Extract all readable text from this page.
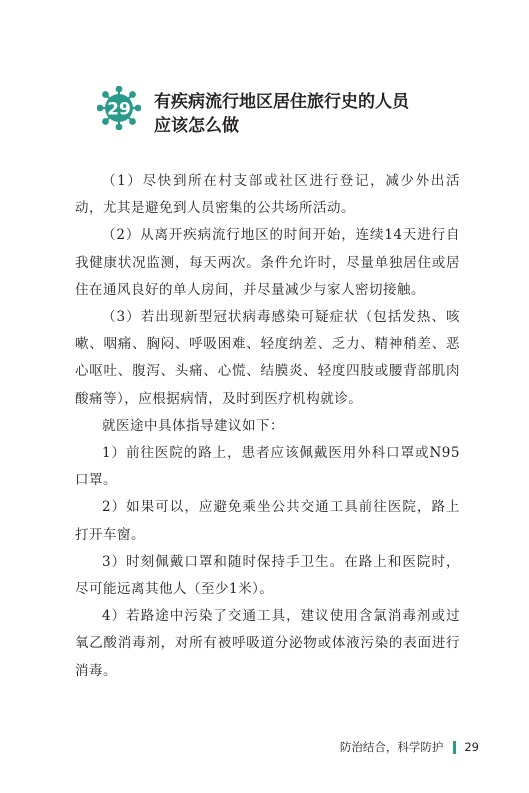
29 有疾病流行地区居住旅行史的人员
应该怎么做

（1）尽快到所在村支部或社区进行登记，减少外出活动，尤其是避免到人员密集的公共场所活动。

（2）从离开疾病流行地区的时间开始，连续14天进行自我健康状况监测，每天两次。条件允许时，尽量单独居住或居住在通风良好的单人房间，并尽量减少与家人密切接触。

（3）若出现新型冠状病毒感染可疑症状（包括发热、咳嗽、咽痛、胸闷、呼吸困难、轻度纳差、乏力、精神稍差、恶心呕吐、腹泻、头痛、心慌、结膜炎、轻度四肢或腰背部肌肉酸痛等），应根据病情，及时到医疗机构就诊。

就医途中具体指导建议如下：

1）前往医院的路上，患者应该佩戴医用外科口罩或N95口罩。

2）如果可以，应避免乘坐公共交通工具前往医院，路上打开车窗。

3）时刻佩戴口罩和随时保持手卫生。在路上和医院时，尽可能远离其他人（至少1米）。

4）若路途中污染了交通工具，建议使用含氯消毒剂或过氧乙酸消毒剂，对所有被呼吸道分泌物或体液污染的表面进行消毒。

防治结合，科学防护 29
